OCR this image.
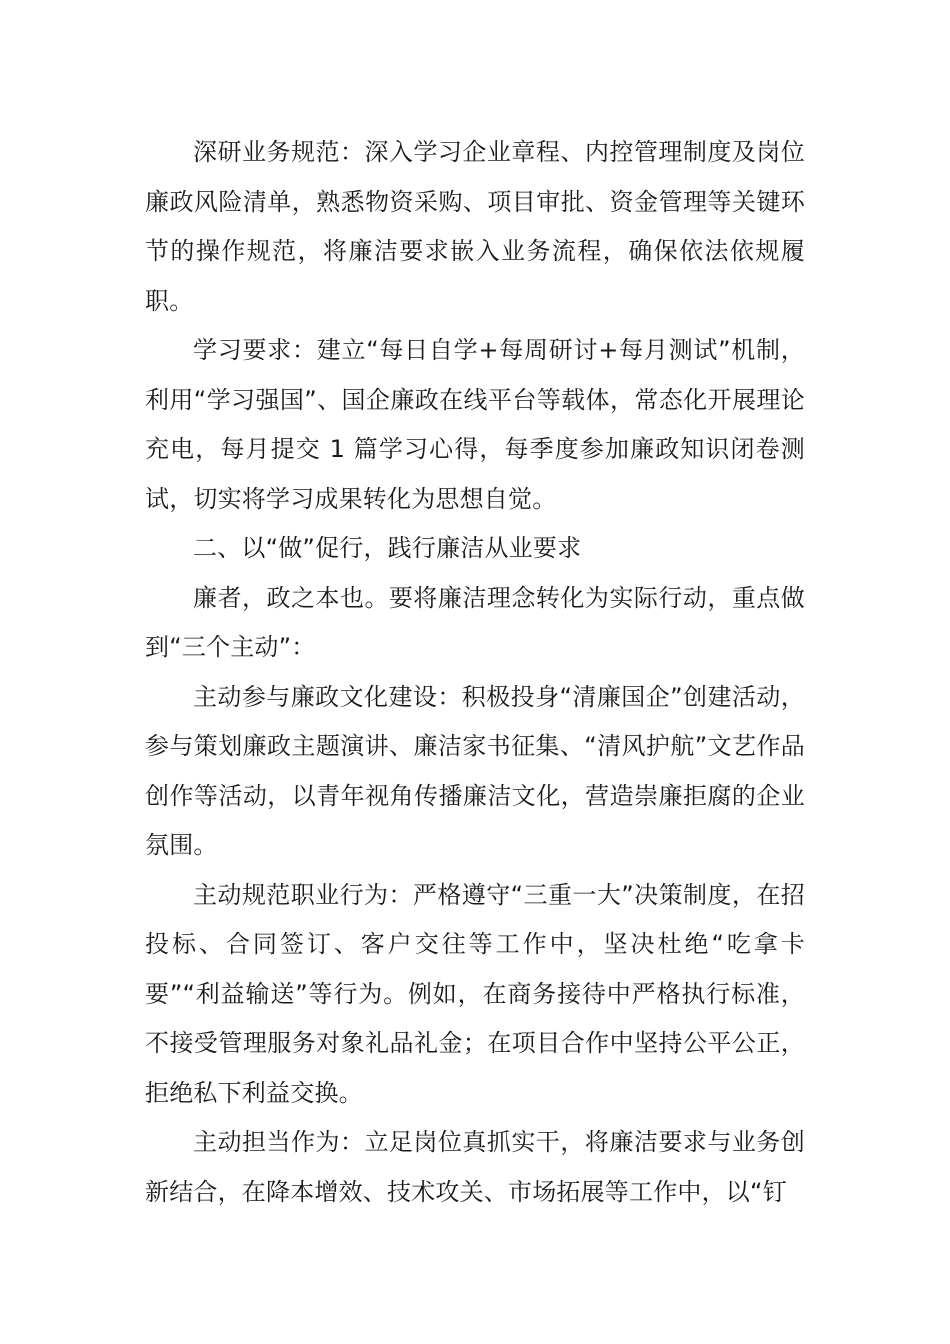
深研业务规范：深入学习企业章程、内控管理制度及岗位廉政风险清单，熟悉物资采购、项目审批、资金管理等关键环节的操作规范，将廉洁要求嵌入业务流程，确保依法依规履职。

学习要求：建立“每日自学+每周研讨+每月测试”机制，利用“学习强国”、国企廉政在线平台等载体，常态化开展理论充电，每月提交 1 篇学习心得，每季度参加廉政知识闭卷测试，切实将学习成果转化为思想自觉。

二、以“做”促行，践行廉洁从业要求

廉者，政之本也。要将廉洁理念转化为实际行动，重点做到“三个主动”：

主动参与廉政文化建设：积极投身“清廉国企”创建活动，参与策划廉政主题演讲、廉洁家书征集、“清风护航”文艺作品创作等活动，以青年视角传播廉洁文化，营造崇廉拒腐的企业氛围。

主动规范职业行为：严格遵守“三重一大”决策制度，在招投标、合同签订、客户交往等工作中，坚决杜绝“吃拿卡要”“利益输送”等行为。例如，在商务接待中严格执行标准，不接受管理服务对象礼品礼金；在项目合作中坚持公平公正，拒绝私下利益交换。

主动担当作为：立足岗位真抓实干，将廉洁要求与业务创新结合，在降本增效、技术攻关、市场拓展等工作中，以“钉
